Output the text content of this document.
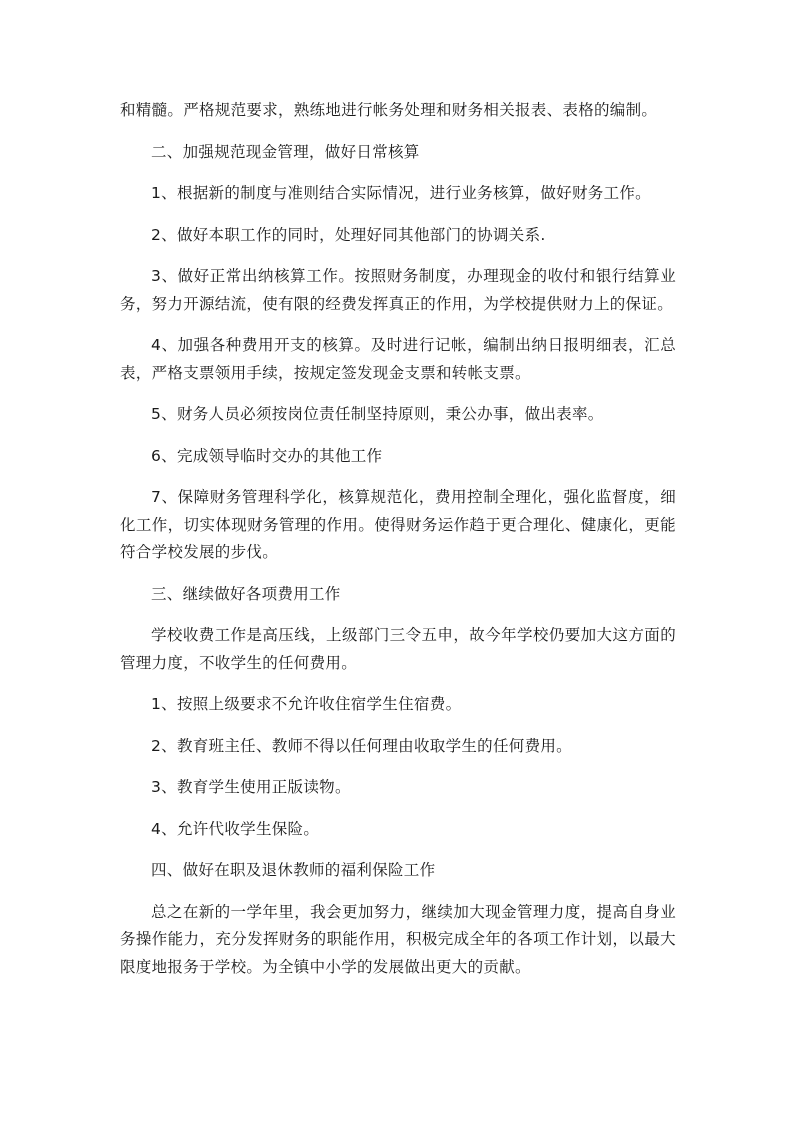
和精髓。严格规范要求，熟练地进行帐务处理和财务相关报表、表格的编制。

二、加强规范现金管理，做好日常核算

1、根据新的制度与准则结合实际情况，进行业务核算，做好财务工作。

2、做好本职工作的同时，处理好同其他部门的协调关系.

3、做好正常出纳核算工作。按照财务制度，办理现金的收付和银行结算业务，努力开源结流，使有限的经费发挥真正的作用，为学校提供财力上的保证。

4、加强各种费用开支的核算。及时进行记帐，编制出纳日报明细表，汇总表，严格支票领用手续，按规定签发现金支票和转帐支票。

5、财务人员必须按岗位责任制坚持原则，秉公办事，做出表率。

6、完成领导临时交办的其他工作

7、保障财务管理科学化，核算规范化，费用控制全理化，强化监督度，细化工作，切实体现财务管理的作用。使得财务运作趋于更合理化、健康化，更能符合学校发展的步伐。

三、继续做好各项费用工作

学校收费工作是高压线，上级部门三令五申，故今年学校仍要加大这方面的管理力度，不收学生的任何费用。

1、按照上级要求不允许收住宿学生住宿费。

2、教育班主任、教师不得以任何理由收取学生的任何费用。

3、教育学生使用正版读物。

4、允许代收学生保险。

四、做好在职及退休教师的福利保险工作

总之在新的一学年里，我会更加努力，继续加大现金管理力度，提高自身业务操作能力，充分发挥财务的职能作用，积极完成全年的各项工作计划，以最大限度地报务于学校。为全镇中小学的发展做出更大的贡献。
